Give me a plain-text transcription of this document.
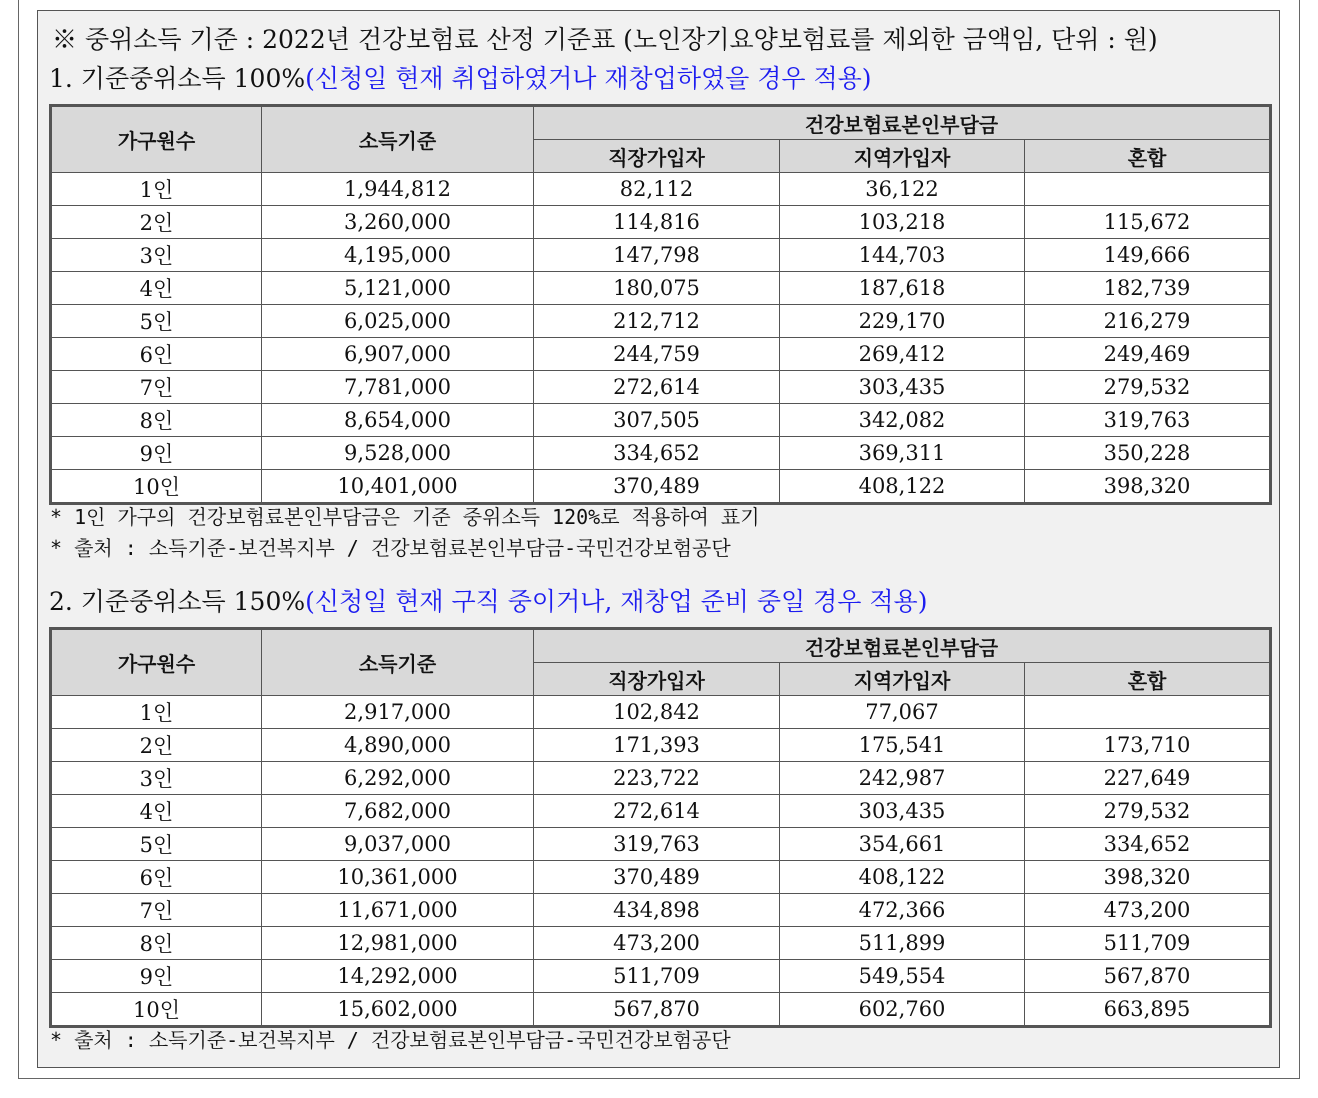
※ 중위소득 기준 : 2022년 건강보험료 산정 기준표 (노인장기요양보험료를 제외한 금액임, 단위 : 원)
1. 기준중위소득 100%(신청일 현재 취업하였거나 재창업하였을 경우 적용)
가구원수	소득기준	건강보험료본인부담금		
		직장가입자	지역가입자	혼합
1인	1,944,812	82,112	36,122	
2인	3,260,000	114,816	103,218	115,672
3인	4,195,000	147,798	144,703	149,666
4인	5,121,000	180,075	187,618	182,739
5인	6,025,000	212,712	229,170	216,279
6인	6,907,000	244,759	269,412	249,469
7인	7,781,000	272,614	303,435	279,532
8인	8,654,000	307,505	342,082	319,763
9인	9,528,000	334,652	369,311	350,228
10인	10,401,000	370,489	408,122	398,320
* 1인 가구의 건강보험료본인부담금은 기준 중위소득 120%로 적용하여 표기
* 출처 : 소득기준-보건복지부 / 건강보험료본인부담금-국민건강보험공단
2. 기준중위소득 150%(신청일 현재 구직 중이거나, 재창업 준비 중일 경우 적용)
가구원수	소득기준	건강보험료본인부담금		
		직장가입자	지역가입자	혼합
1인	2,917,000	102,842	77,067	
2인	4,890,000	171,393	175,541	173,710
3인	6,292,000	223,722	242,987	227,649
4인	7,682,000	272,614	303,435	279,532
5인	9,037,000	319,763	354,661	334,652
6인	10,361,000	370,489	408,122	398,320
7인	11,671,000	434,898	472,366	473,200
8인	12,981,000	473,200	511,899	511,709
9인	14,292,000	511,709	549,554	567,870
10인	15,602,000	567,870	602,760	663,895
* 출처 : 소득기준-보건복지부 / 건강보험료본인부담금-국민건강보험공단
